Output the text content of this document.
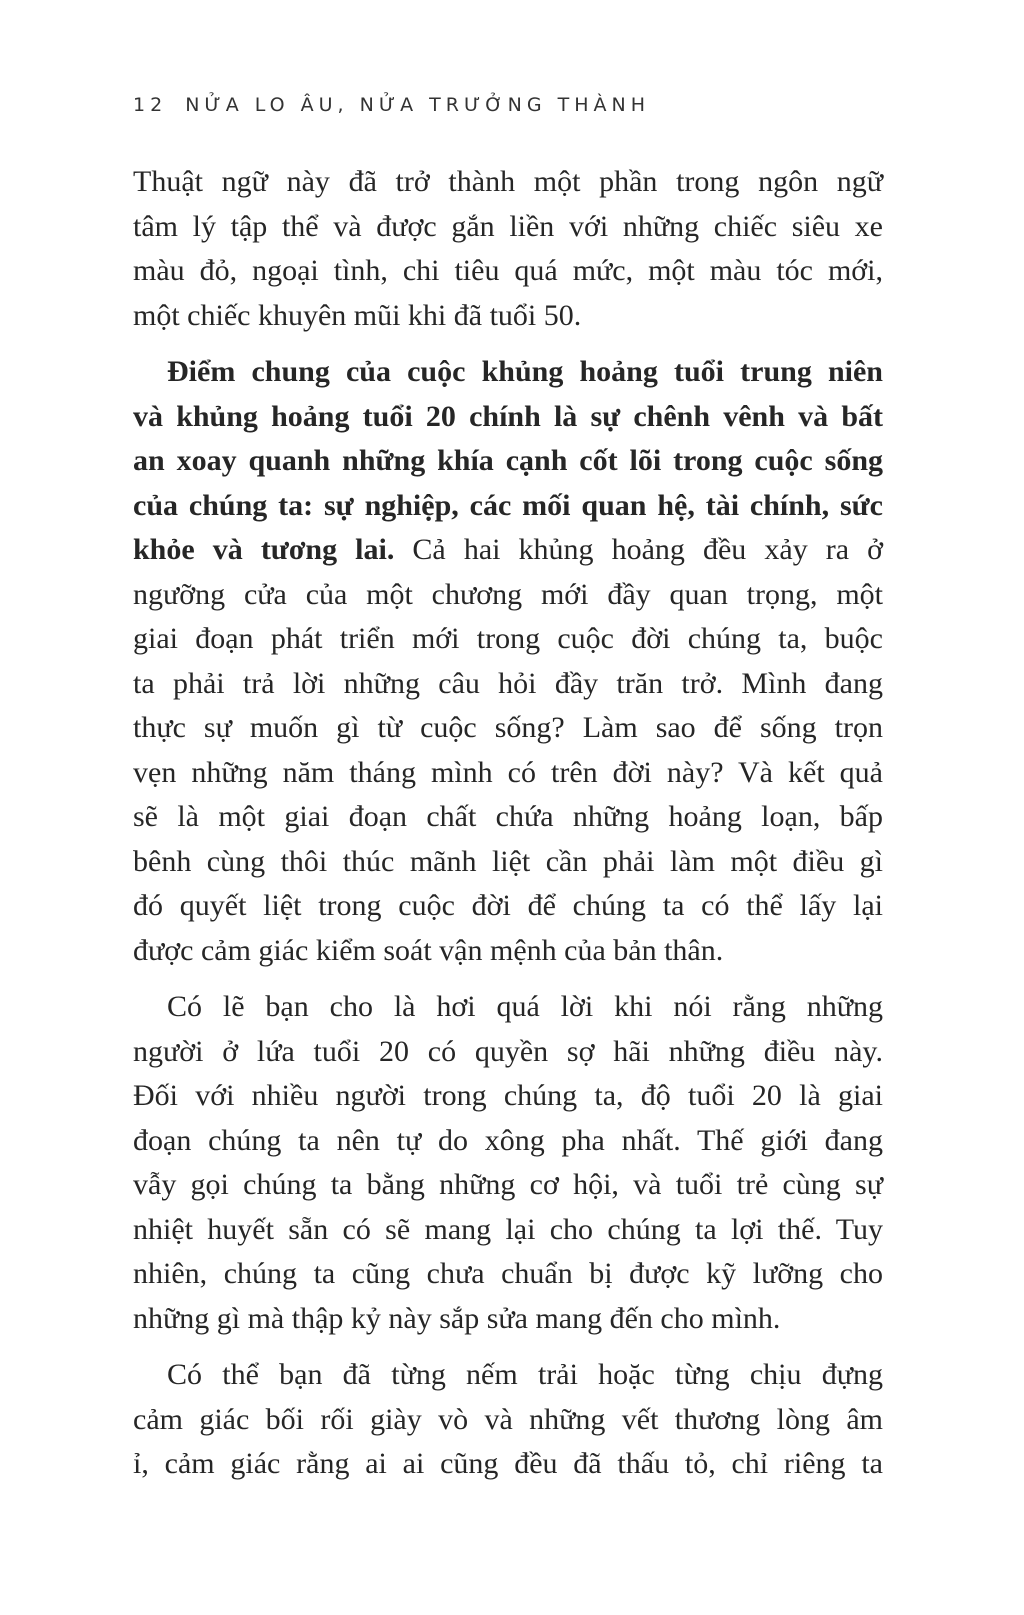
12 NỬA LO ÂU, NỬA TRƯỞNG THÀNH
Thuật ngữ này đã trở thành một phần trong ngôn ngữ
tâm lý tập thể và được gắn liền với những chiếc siêu xe
màu đỏ, ngoại tình, chi tiêu quá mức, một màu tóc mới,
một chiếc khuyên mũi khi đã tuổi 50.
Điểm chung của cuộc khủng hoảng tuổi trung niên
và khủng hoảng tuổi 20 chính là sự chênh vênh và bất
an xoay quanh những khía cạnh cốt lõi trong cuộc sống
của chúng ta: sự nghiệp, các mối quan hệ, tài chính, sức
khỏe và tương lai. Cả hai khủng hoảng đều xảy ra ở
ngưỡng cửa của một chương mới đầy quan trọng, một
giai đoạn phát triển mới trong cuộc đời chúng ta, buộc
ta phải trả lời những câu hỏi đầy trăn trở. Mình đang
thực sự muốn gì từ cuộc sống? Làm sao để sống trọn
vẹn những năm tháng mình có trên đời này? Và kết quả
sẽ là một giai đoạn chất chứa những hoảng loạn, bấp
bênh cùng thôi thúc mãnh liệt cần phải làm một điều gì
đó quyết liệt trong cuộc đời để chúng ta có thể lấy lại
được cảm giác kiểm soát vận mệnh của bản thân.
Có lẽ bạn cho là hơi quá lời khi nói rằng những
người ở lứa tuổi 20 có quyền sợ hãi những điều này.
Đối với nhiều người trong chúng ta, độ tuổi 20 là giai
đoạn chúng ta nên tự do xông pha nhất. Thế giới đang
vẫy gọi chúng ta bằng những cơ hội, và tuổi trẻ cùng sự
nhiệt huyết sẵn có sẽ mang lại cho chúng ta lợi thế. Tuy
nhiên, chúng ta cũng chưa chuẩn bị được kỹ lưỡng cho
những gì mà thập kỷ này sắp sửa mang đến cho mình.
Có thể bạn đã từng nếm trải hoặc từng chịu đựng
cảm giác bối rối giày vò và những vết thương lòng âm
ỉ, cảm giác rằng ai ai cũng đều đã thấu tỏ, chỉ riêng ta
